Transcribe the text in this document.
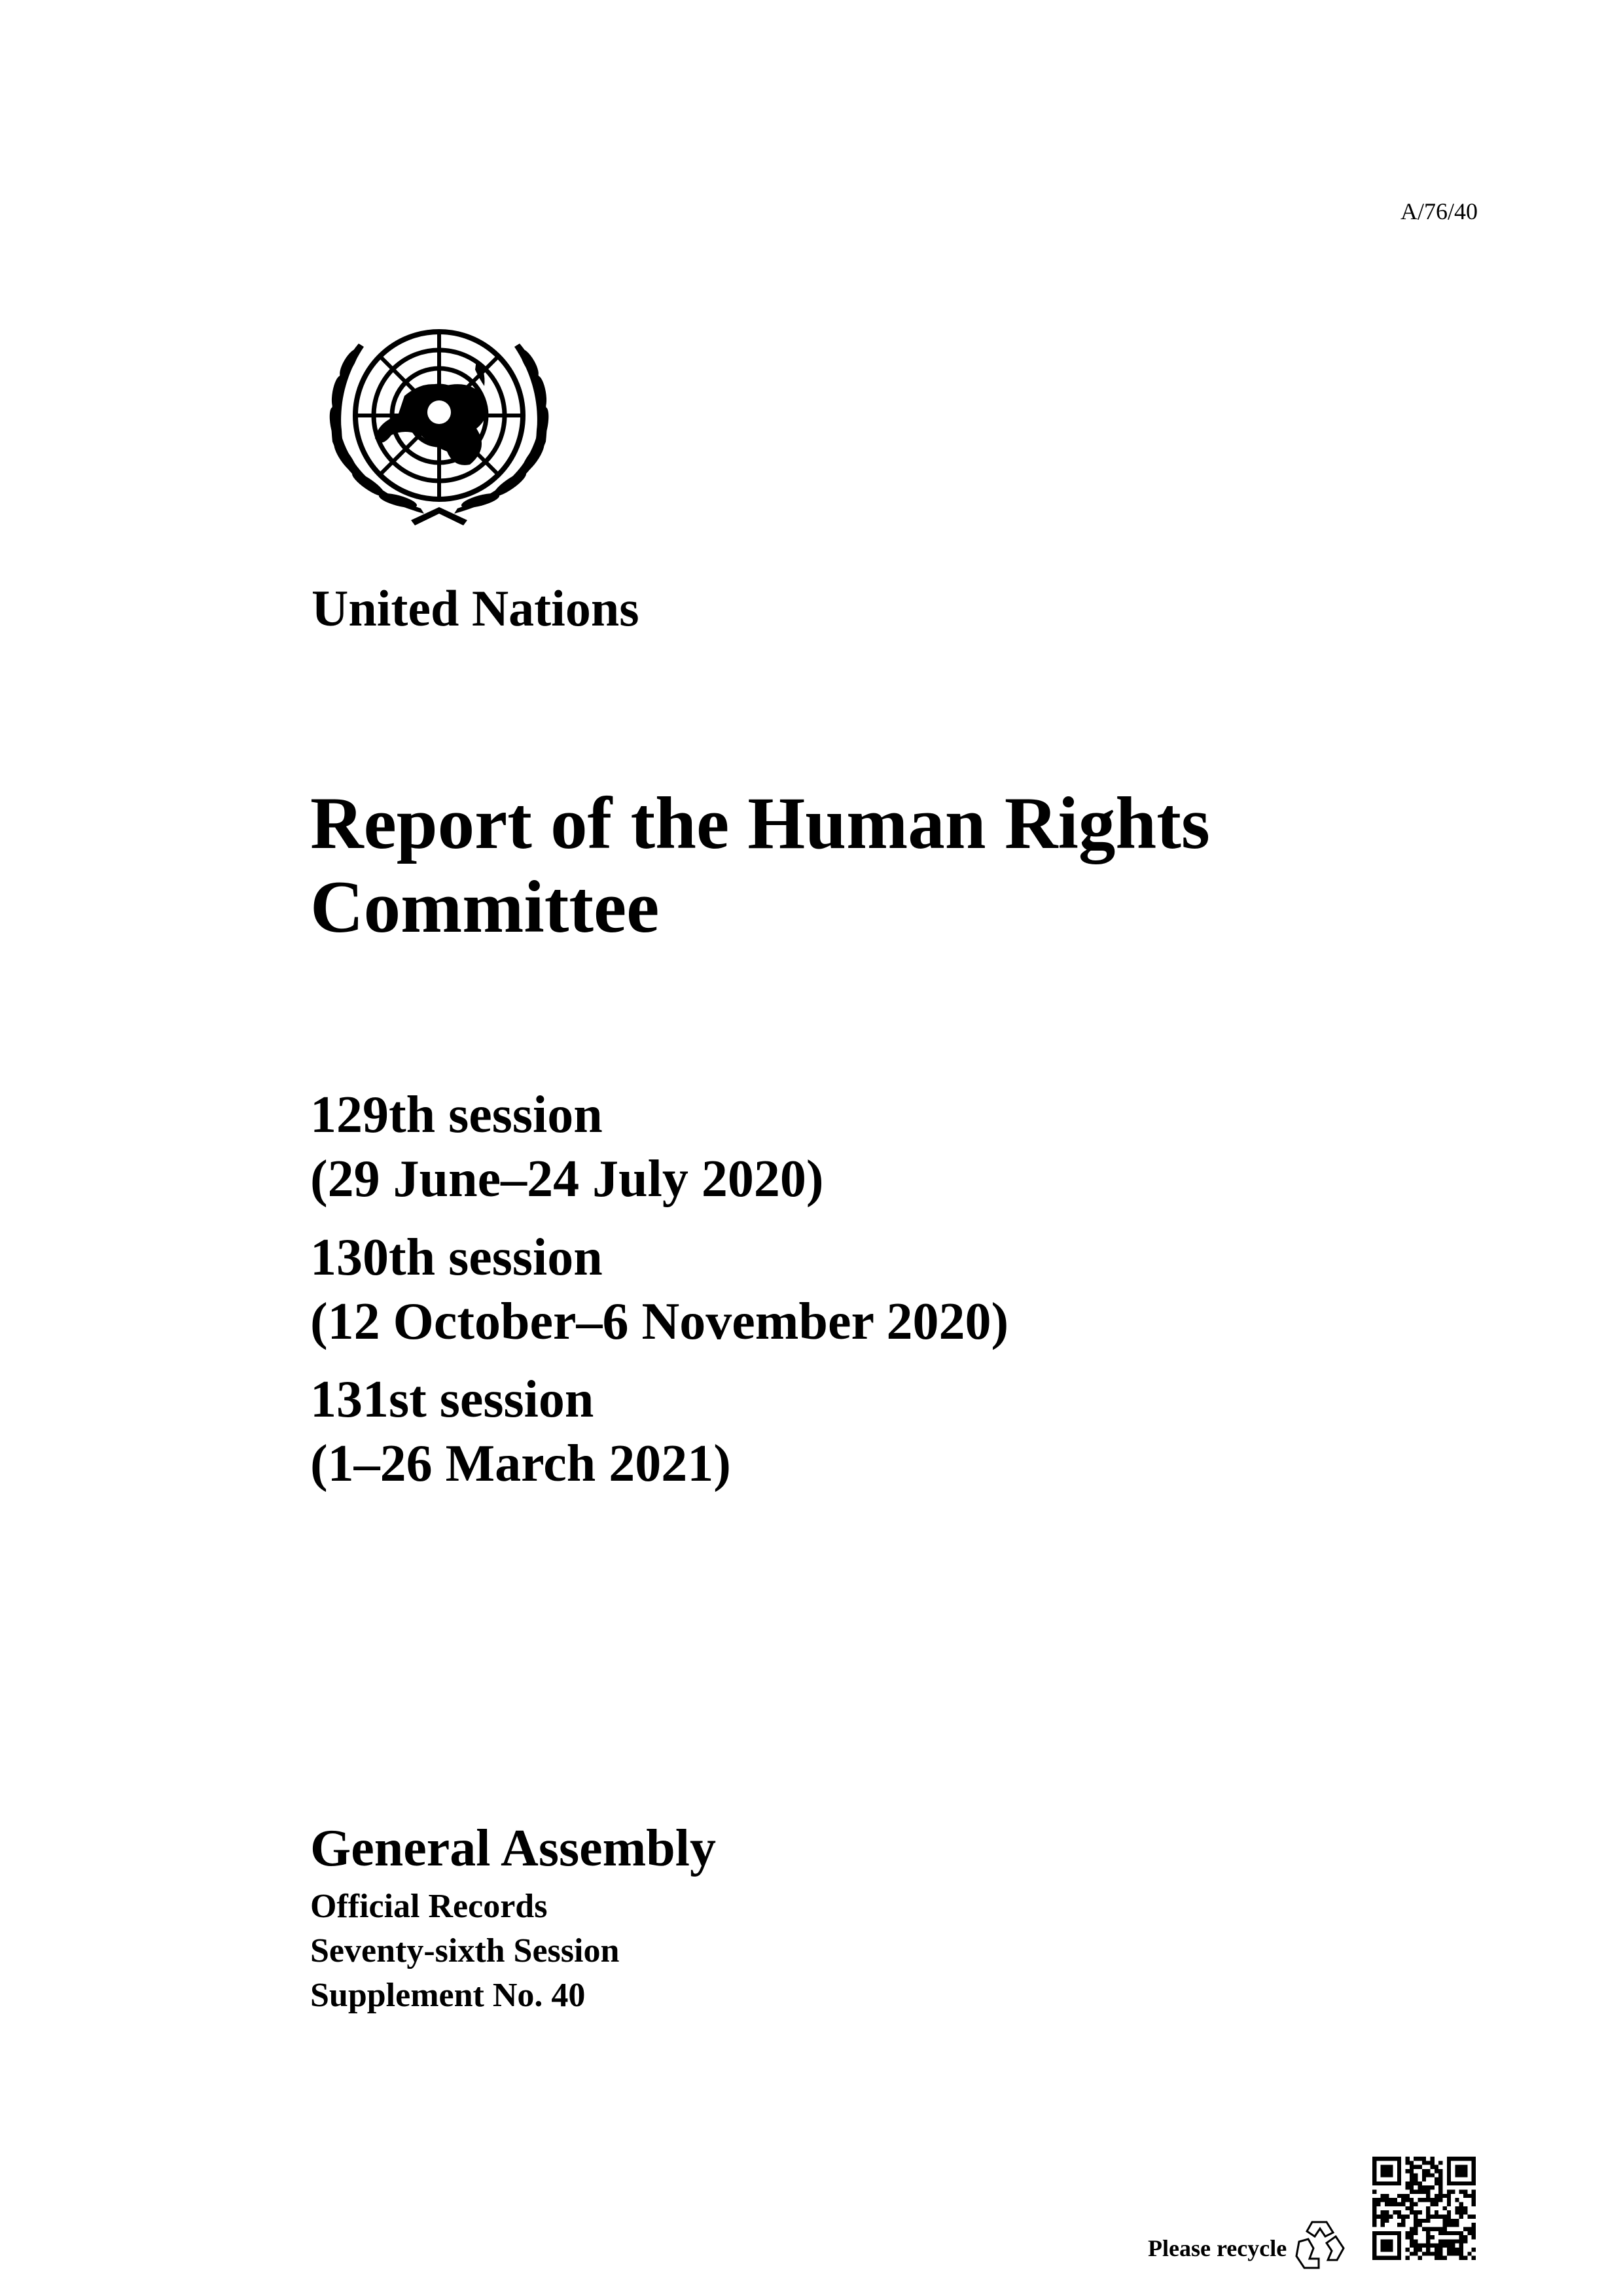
A/76/40
United Nations
Report of the Human Rights
Committee
129th session
(29 June–24 July 2020)
130th session
(12 October–6 November 2020)
131st session
(1–26 March 2021)
General Assembly
Official Records
Seventy-sixth Session
Supplement No. 40
Please recycle
